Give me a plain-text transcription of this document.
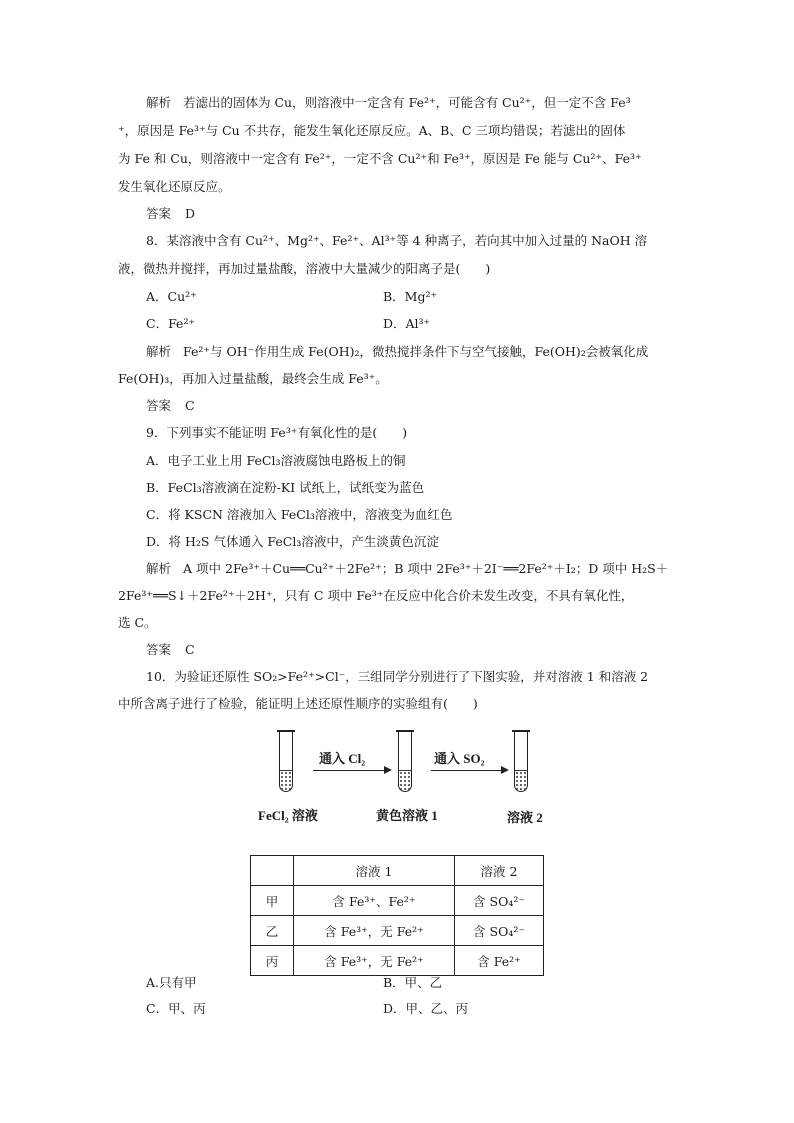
解析 若滤出的固体为 Cu，则溶液中一定含有 Fe²⁺，可能含有 Cu²⁺，但一定不含 Fe³
⁺，原因是 Fe³⁺与 Cu 不共存，能发生氧化还原反应。A、B、C 三项均错误；若滤出的固体
为 Fe 和 Cu，则溶液中一定含有 Fe²⁺，一定不含 Cu²⁺和 Fe³⁺，原因是 Fe 能与 Cu²⁺、Fe³⁺
发生氧化还原反应。
答案 D
8．某溶液中含有 Cu²⁺、Mg²⁺、Fe²⁺、Al³⁺等 4 种离子，若向其中加入过量的 NaOH 溶
液，微热并搅拌，再加过量盐酸，溶液中大量减少的阳离子是(　　)
A．Cu²⁺	B．Mg²⁺
C．Fe²⁺	D．Al³⁺
解析 Fe²⁺与 OH⁻作用生成 Fe(OH)₂，微热搅拌条件下与空气接触，Fe(OH)₂会被氧化成
Fe(OH)₃，再加入过量盐酸，最终会生成 Fe³⁺。
答案 C
9．下列事实不能证明 Fe³⁺有氧化性的是(　　)
A．电子工业上用 FeCl₃溶液腐蚀电路板上的铜
B．FeCl₃溶液滴在淀粉-KI 试纸上，试纸变为蓝色
C．将 KSCN 溶液加入 FeCl₃溶液中，溶液变为血红色
D．将 H₂S 气体通入 FeCl₃溶液中，产生淡黄色沉淀
解析 A 项中 2Fe³⁺＋Cu══Cu²⁺＋2Fe²⁺；B 项中 2Fe³⁺＋2I⁻══2Fe²⁺＋I₂；D 项中 H₂S＋
2Fe³⁺══S↓＋2Fe²⁺＋2H⁺，只有 C 项中 Fe³⁺在反应中化合价未发生改变，不具有氧化性，
选 C。
答案 C
10．为验证还原性 SO₂>Fe²⁺>Cl⁻，三组同学分别进行了下图实验，并对溶液 1 和溶液 2
中所含离子进行了检验，能证明上述还原性顺序的实验组有(　　)
通入 Cl₂	通入 SO₂
FeCl₂ 溶液	黄色溶液 1	溶液 2
	溶液 1	溶液 2
甲	含 Fe³⁺、Fe²⁺	含 SO₄²⁻
乙	含 Fe³⁺，无 Fe²⁺	含 SO₄²⁻
丙	含 Fe³⁺，无 Fe²⁺	含 Fe²⁺
A.只有甲	B．甲、乙
C．甲、丙	D．甲、乙、丙
